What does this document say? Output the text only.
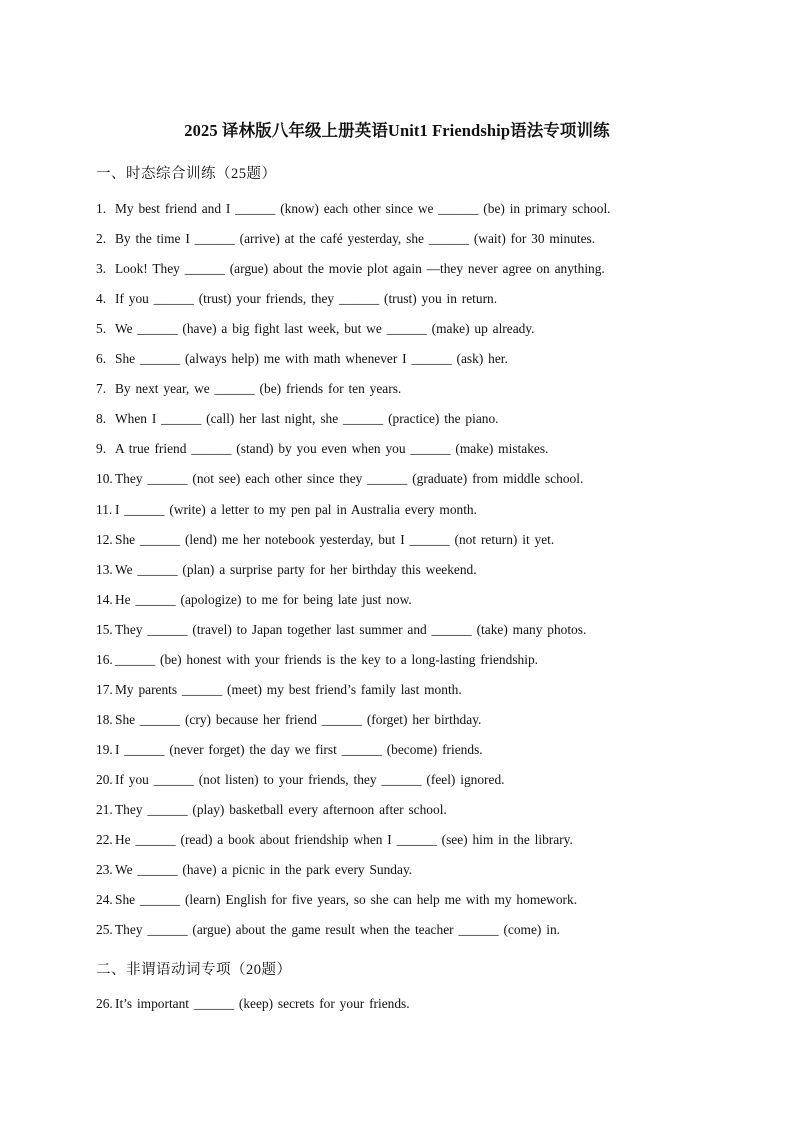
2025 译林版八年级上册英语Unit1 Friendship语法专项训练
一、时态综合训练（25题）
1. My best friend and I ______ (know) each other since we ______ (be) in primary school.
2. By the time I ______ (arrive) at the café yesterday, she ______ (wait) for 30 minutes.
3. Look! They ______ (argue) about the movie plot again —they never agree on anything.
4. If you ______ (trust) your friends, they ______ (trust) you in return.
5. We ______ (have) a big fight last week, but we ______ (make) up already.
6. She ______ (always help) me with math whenever I ______ (ask) her.
7. By next year, we ______ (be) friends for ten years.
8. When I ______ (call) her last night, she ______ (practice) the piano.
9. A true friend ______ (stand) by you even when you ______ (make) mistakes.
10. They ______ (not see) each other since they ______ (graduate) from middle school.
11. I ______ (write) a letter to my pen pal in Australia every month.
12. She ______ (lend) me her notebook yesterday, but I ______ (not return) it yet.
13. We ______ (plan) a surprise party for her birthday this weekend.
14. He ______ (apologize) to me for being late just now.
15. They ______ (travel) to Japan together last summer and ______ (take) many photos.
16. ______ (be) honest with your friends is the key to a long-lasting friendship.
17. My parents ______ (meet) my best friend’s family last month.
18. She ______ (cry) because her friend ______ (forget) her birthday.
19. I ______ (never forget) the day we first ______ (become) friends.
20. If you ______ (not listen) to your friends, they ______ (feel) ignored.
21. They ______ (play) basketball every afternoon after school.
22. He ______ (read) a book about friendship when I ______ (see) him in the library.
23. We ______ (have) a picnic in the park every Sunday.
24. She ______ (learn) English for five years, so she can help me with my homework.
25. They ______ (argue) about the game result when the teacher ______ (come) in.
二、非谓语动词专项（20题）
26. It’s important ______ (keep) secrets for your friends.
